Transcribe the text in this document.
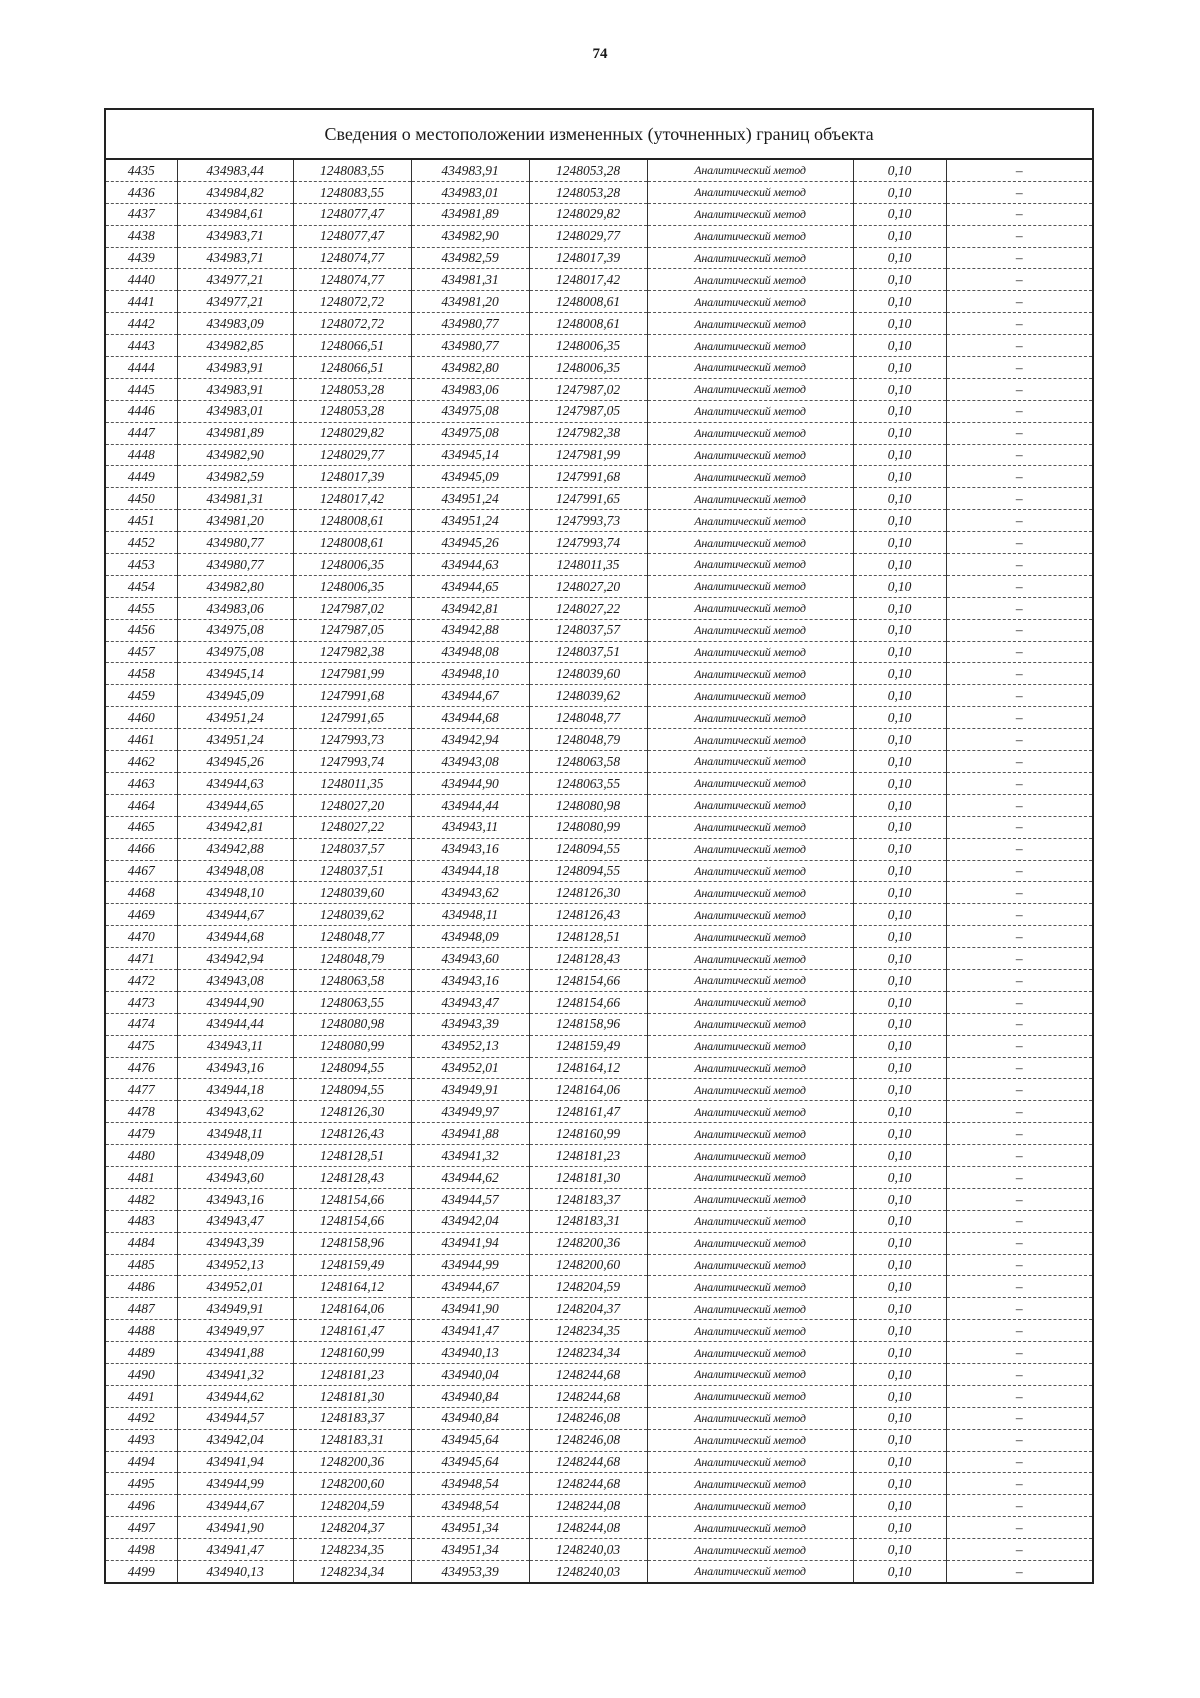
74
Сведения о местоположении измененных (уточненных) границ объекта							
4435	434983,44	1248083,55	434983,91	1248053,28	Аналитический метод	0,10	–
4436	434984,82	1248083,55	434983,01	1248053,28	Аналитический метод	0,10	–
4437	434984,61	1248077,47	434981,89	1248029,82	Аналитический метод	0,10	–
4438	434983,71	1248077,47	434982,90	1248029,77	Аналитический метод	0,10	–
4439	434983,71	1248074,77	434982,59	1248017,39	Аналитический метод	0,10	–
4440	434977,21	1248074,77	434981,31	1248017,42	Аналитический метод	0,10	–
4441	434977,21	1248072,72	434981,20	1248008,61	Аналитический метод	0,10	–
4442	434983,09	1248072,72	434980,77	1248008,61	Аналитический метод	0,10	–
4443	434982,85	1248066,51	434980,77	1248006,35	Аналитический метод	0,10	–
4444	434983,91	1248066,51	434982,80	1248006,35	Аналитический метод	0,10	–
4445	434983,91	1248053,28	434983,06	1247987,02	Аналитический метод	0,10	–
4446	434983,01	1248053,28	434975,08	1247987,05	Аналитический метод	0,10	–
4447	434981,89	1248029,82	434975,08	1247982,38	Аналитический метод	0,10	–
4448	434982,90	1248029,77	434945,14	1247981,99	Аналитический метод	0,10	–
4449	434982,59	1248017,39	434945,09	1247991,68	Аналитический метод	0,10	–
4450	434981,31	1248017,42	434951,24	1247991,65	Аналитический метод	0,10	–
4451	434981,20	1248008,61	434951,24	1247993,73	Аналитический метод	0,10	–
4452	434980,77	1248008,61	434945,26	1247993,74	Аналитический метод	0,10	–
4453	434980,77	1248006,35	434944,63	1248011,35	Аналитический метод	0,10	–
4454	434982,80	1248006,35	434944,65	1248027,20	Аналитический метод	0,10	–
4455	434983,06	1247987,02	434942,81	1248027,22	Аналитический метод	0,10	–
4456	434975,08	1247987,05	434942,88	1248037,57	Аналитический метод	0,10	–
4457	434975,08	1247982,38	434948,08	1248037,51	Аналитический метод	0,10	–
4458	434945,14	1247981,99	434948,10	1248039,60	Аналитический метод	0,10	–
4459	434945,09	1247991,68	434944,67	1248039,62	Аналитический метод	0,10	–
4460	434951,24	1247991,65	434944,68	1248048,77	Аналитический метод	0,10	–
4461	434951,24	1247993,73	434942,94	1248048,79	Аналитический метод	0,10	–
4462	434945,26	1247993,74	434943,08	1248063,58	Аналитический метод	0,10	–
4463	434944,63	1248011,35	434944,90	1248063,55	Аналитический метод	0,10	–
4464	434944,65	1248027,20	434944,44	1248080,98	Аналитический метод	0,10	–
4465	434942,81	1248027,22	434943,11	1248080,99	Аналитический метод	0,10	–
4466	434942,88	1248037,57	434943,16	1248094,55	Аналитический метод	0,10	–
4467	434948,08	1248037,51	434944,18	1248094,55	Аналитический метод	0,10	–
4468	434948,10	1248039,60	434943,62	1248126,30	Аналитический метод	0,10	–
4469	434944,67	1248039,62	434948,11	1248126,43	Аналитический метод	0,10	–
4470	434944,68	1248048,77	434948,09	1248128,51	Аналитический метод	0,10	–
4471	434942,94	1248048,79	434943,60	1248128,43	Аналитический метод	0,10	–
4472	434943,08	1248063,58	434943,16	1248154,66	Аналитический метод	0,10	–
4473	434944,90	1248063,55	434943,47	1248154,66	Аналитический метод	0,10	–
4474	434944,44	1248080,98	434943,39	1248158,96	Аналитический метод	0,10	–
4475	434943,11	1248080,99	434952,13	1248159,49	Аналитический метод	0,10	–
4476	434943,16	1248094,55	434952,01	1248164,12	Аналитический метод	0,10	–
4477	434944,18	1248094,55	434949,91	1248164,06	Аналитический метод	0,10	–
4478	434943,62	1248126,30	434949,97	1248161,47	Аналитический метод	0,10	–
4479	434948,11	1248126,43	434941,88	1248160,99	Аналитический метод	0,10	–
4480	434948,09	1248128,51	434941,32	1248181,23	Аналитический метод	0,10	–
4481	434943,60	1248128,43	434944,62	1248181,30	Аналитический метод	0,10	–
4482	434943,16	1248154,66	434944,57	1248183,37	Аналитический метод	0,10	–
4483	434943,47	1248154,66	434942,04	1248183,31	Аналитический метод	0,10	–
4484	434943,39	1248158,96	434941,94	1248200,36	Аналитический метод	0,10	–
4485	434952,13	1248159,49	434944,99	1248200,60	Аналитический метод	0,10	–
4486	434952,01	1248164,12	434944,67	1248204,59	Аналитический метод	0,10	–
4487	434949,91	1248164,06	434941,90	1248204,37	Аналитический метод	0,10	–
4488	434949,97	1248161,47	434941,47	1248234,35	Аналитический метод	0,10	–
4489	434941,88	1248160,99	434940,13	1248234,34	Аналитический метод	0,10	–
4490	434941,32	1248181,23	434940,04	1248244,68	Аналитический метод	0,10	–
4491	434944,62	1248181,30	434940,84	1248244,68	Аналитический метод	0,10	–
4492	434944,57	1248183,37	434940,84	1248246,08	Аналитический метод	0,10	–
4493	434942,04	1248183,31	434945,64	1248246,08	Аналитический метод	0,10	–
4494	434941,94	1248200,36	434945,64	1248244,68	Аналитический метод	0,10	–
4495	434944,99	1248200,60	434948,54	1248244,68	Аналитический метод	0,10	–
4496	434944,67	1248204,59	434948,54	1248244,08	Аналитический метод	0,10	–
4497	434941,90	1248204,37	434951,34	1248244,08	Аналитический метод	0,10	–
4498	434941,47	1248234,35	434951,34	1248240,03	Аналитический метод	0,10	–
4499	434940,13	1248234,34	434953,39	1248240,03	Аналитический метод	0,10	–
